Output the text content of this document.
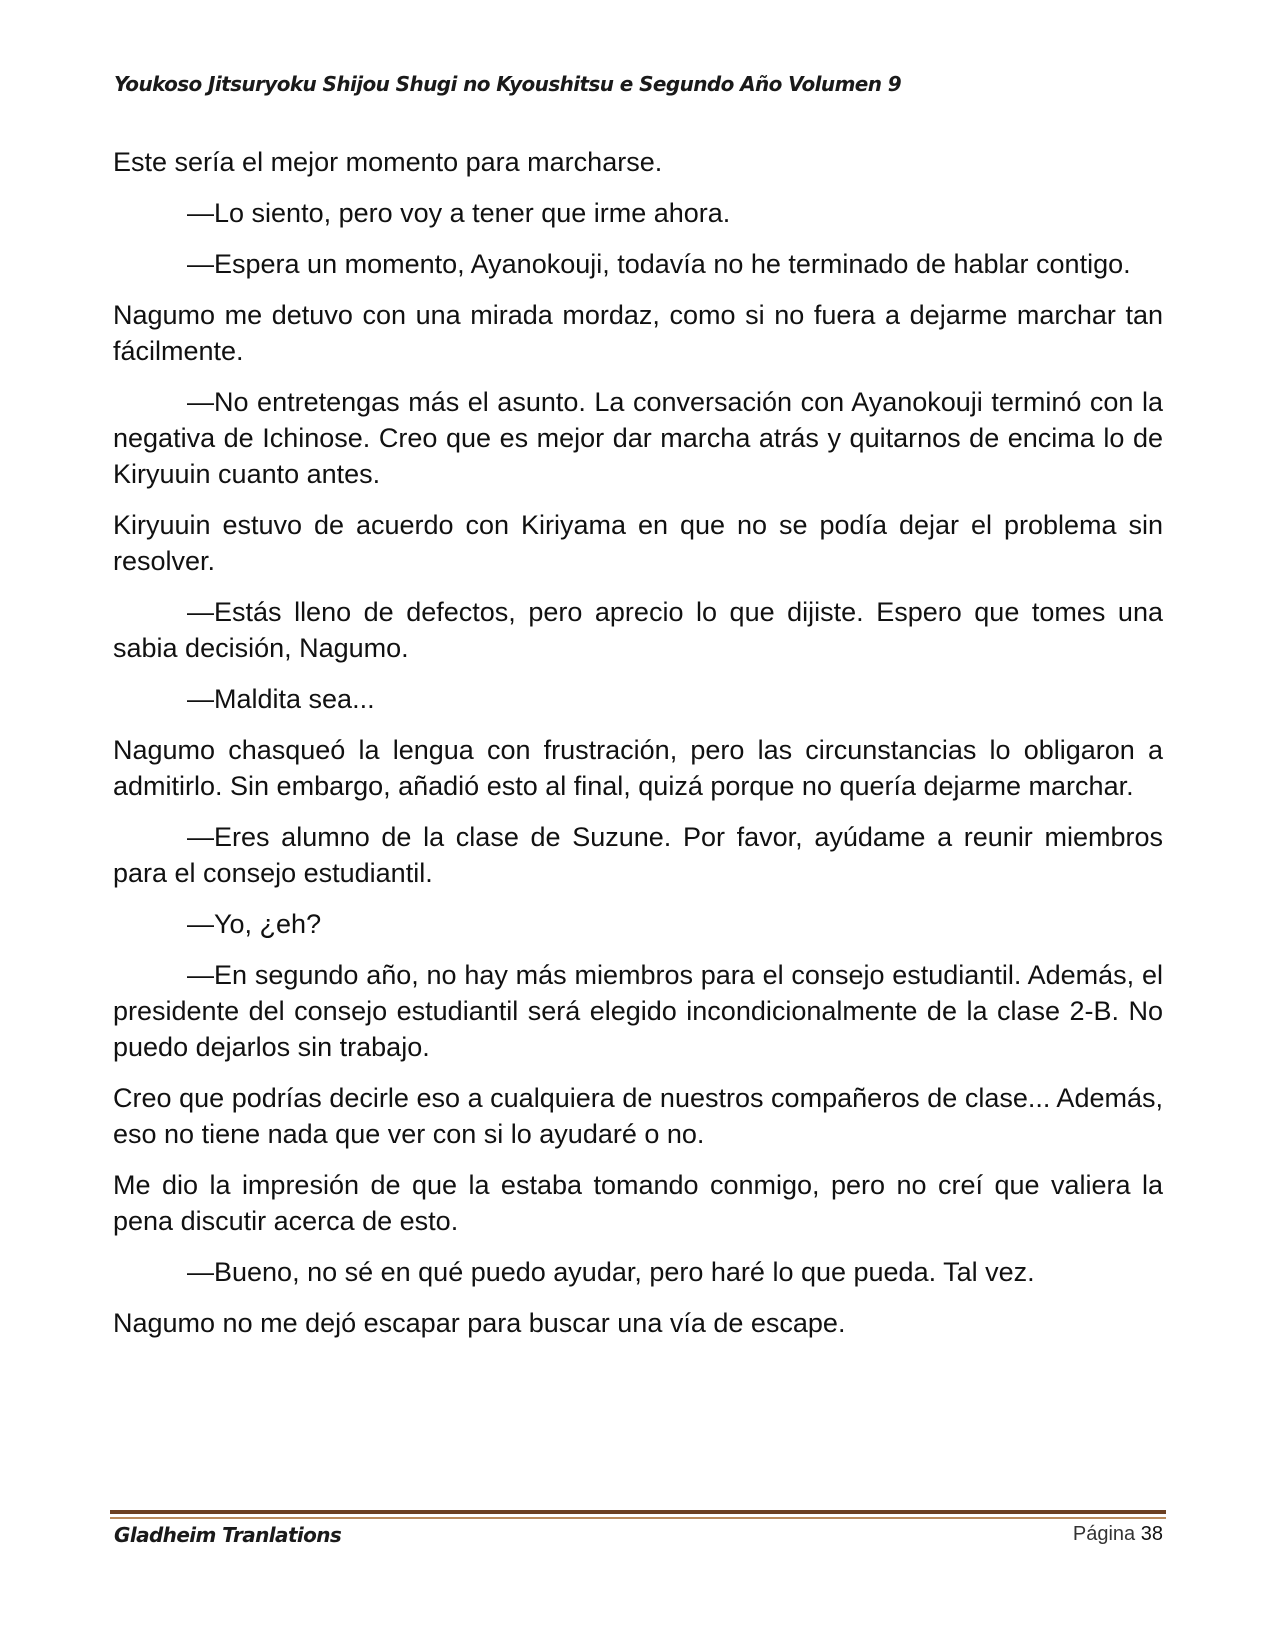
Youkoso Jitsuryoku Shijou Shugi no Kyoushitsu e Segundo Año Volumen 9

Este sería el mejor momento para marcharse.

—Lo siento, pero voy a tener que irme ahora.

—Espera un momento, Ayanokouji, todavía no he terminado de hablar contigo.

Nagumo me detuvo con una mirada mordaz, como si no fuera a dejarme marchar tan fácilmente.

—No entretengas más el asunto. La conversación con Ayanokouji terminó con la negativa de Ichinose. Creo que es mejor dar marcha atrás y quitarnos de encima lo de Kiryuuin cuanto antes.

Kiryuuin estuvo de acuerdo con Kiriyama en que no se podía dejar el problema sin resolver.

—Estás lleno de defectos, pero aprecio lo que dijiste. Espero que tomes una sabia decisión, Nagumo.

—Maldita sea...

Nagumo chasqueó la lengua con frustración, pero las circunstancias lo obligaron a admitirlo. Sin embargo, añadió esto al final, quizá porque no quería dejarme marchar.

—Eres alumno de la clase de Suzune. Por favor, ayúdame a reunir miembros para el consejo estudiantil.

—Yo, ¿eh?

—En segundo año, no hay más miembros para el consejo estudiantil. Además, el presidente del consejo estudiantil será elegido incondicionalmente de la clase 2-B. No puedo dejarlos sin trabajo.

Creo que podrías decirle eso a cualquiera de nuestros compañeros de clase... Además, eso no tiene nada que ver con si lo ayudaré o no.

Me dio la impresión de que la estaba tomando conmigo, pero no creí que valiera la pena discutir acerca de esto.

—Bueno, no sé en qué puedo ayudar, pero haré lo que pueda. Tal vez.

Nagumo no me dejó escapar para buscar una vía de escape.

Gladheim Tranlations	Página 38
